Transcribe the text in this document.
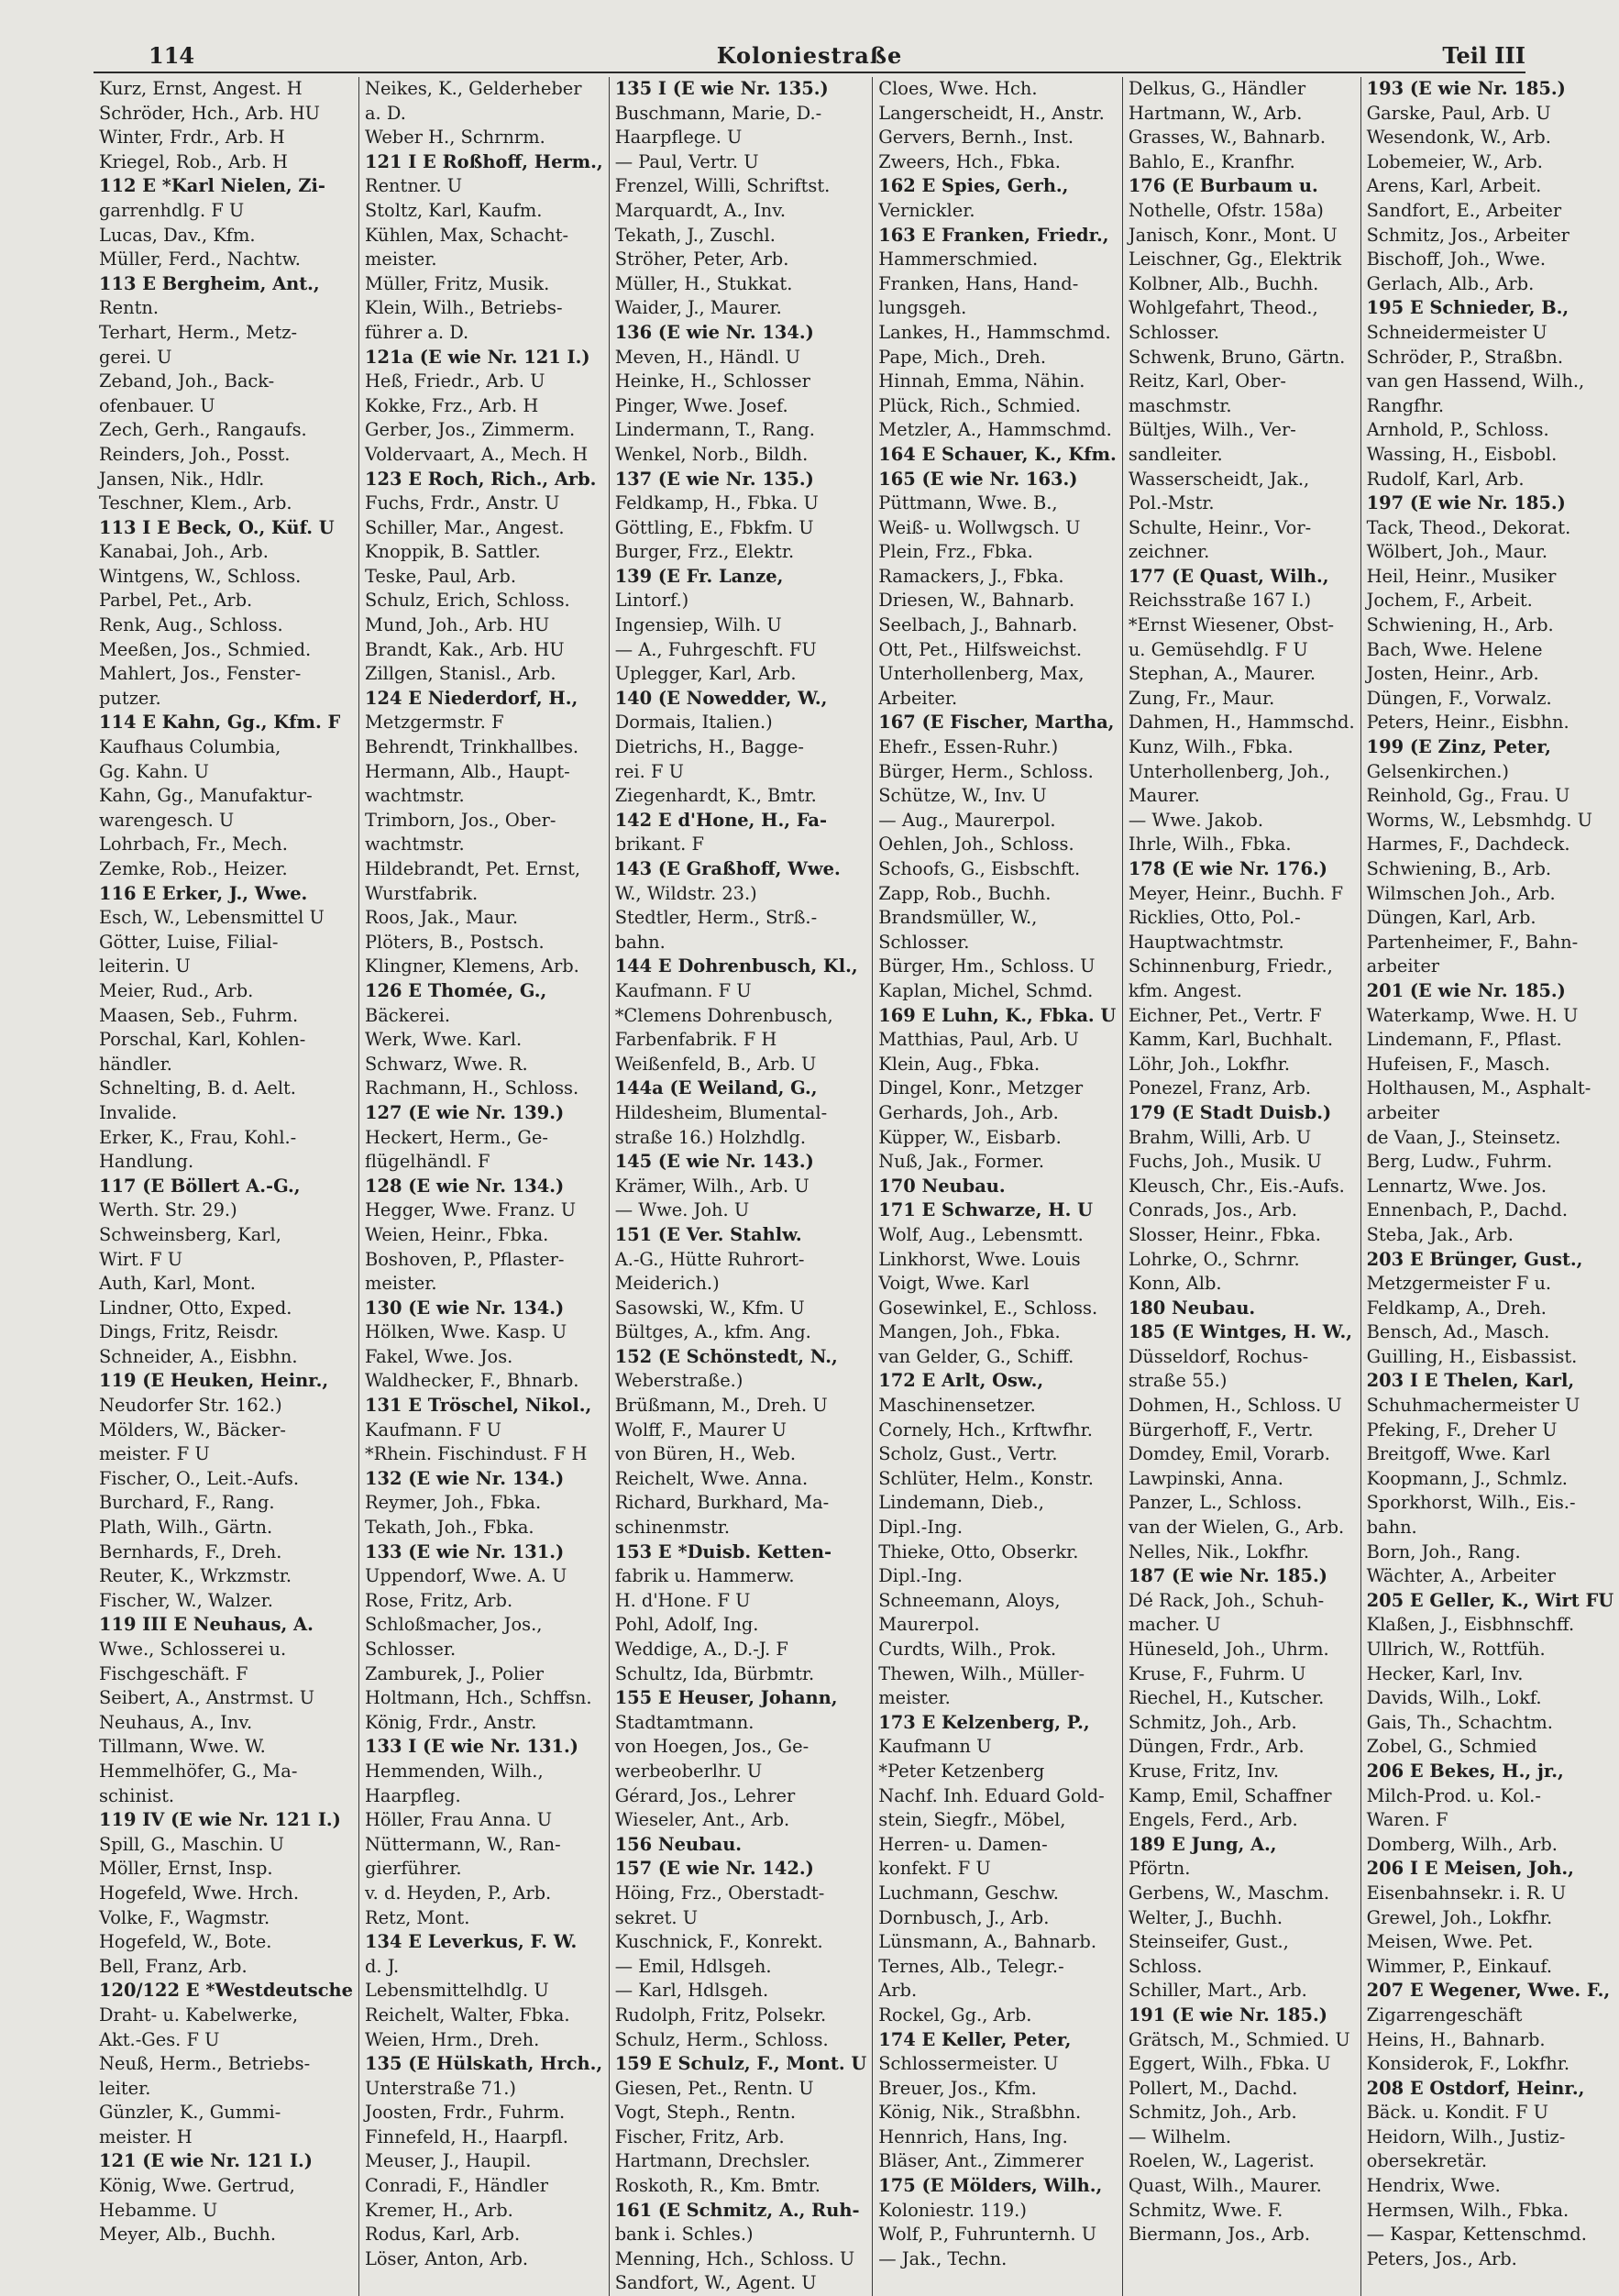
114	Koloniestraße	Teil III
Kurz, Ernst, Angest. H
Schröder, Hch., Arb. HU
Winter, Frdr., Arb. H
Kriegel, Rob., Arb. H
112 E *Karl Nielen, Zi-
garrenhdlg. F U
Lucas, Dav., Kfm.
Müller, Ferd., Nachtw.
113 E Bergheim, Ant.,
Rentn.
Terhart, Herm., Metz-
gerei. U
Zeband, Joh., Back-
ofenbauer. U
Zech, Gerh., Rangaufs.
Reinders, Joh., Posst.
Jansen, Nik., Hdlr.
Teschner, Klem., Arb.
113 I E Beck, O., Küf. U
Kanabai, Joh., Arb.
Wintgens, W., Schloss.
Parbel, Pet., Arb.
Renk, Aug., Schloss.
Meeßen, Jos., Schmied.
Mahlert, Jos., Fenster-
putzer.
114 E Kahn, Gg., Kfm. F
Kaufhaus Columbia,
Gg. Kahn. U
Kahn, Gg., Manufaktur-
warengesch. U
Lohrbach, Fr., Mech.
Zemke, Rob., Heizer.
116 E Erker, J., Wwe.
Esch, W., Lebensmittel U
Götter, Luise, Filial-
leiterin. U
Meier, Rud., Arb.
Maasen, Seb., Fuhrm.
Porschal, Karl, Kohlen-
händler.
Schnelting, B. d. Aelt.
Invalide.
Erker, K., Frau, Kohl.-
Handlung.
117 (E Böllert A.-G.,
Werth. Str. 29.)
Schweinsberg, Karl,
Wirt. F U
Auth, Karl, Mont.
Lindner, Otto, Exped.
Dings, Fritz, Reisdr.
Schneider, A., Eisbhn.
119 (E Heuken, Heinr.,
Neudorfer Str. 162.)
Mölders, W., Bäcker-
meister. F U
Fischer, O., Leit.-Aufs.
Burchard, F., Rang.
Plath, Wilh., Gärtn.
Bernhards, F., Dreh.
Reuter, K., Wrkzmstr.
Fischer, W., Walzer.
119 III E Neuhaus, A.
Wwe., Schlosserei u.
Fischgeschäft. F
Seibert, A., Anstrmst. U
Neuhaus, A., Inv.
Tillmann, Wwe. W.
Hemmelhöfer, G., Ma-
schinist.
119 IV (E wie Nr. 121 I.)
Spill, G., Maschin. U
Möller, Ernst, Insp.
Hogefeld, Wwe. Hrch.
Volke, F., Wagmstr.
Hogefeld, W., Bote.
Bell, Franz, Arb.
120/122 E *Westdeutsche
Draht- u. Kabelwerke,
Akt.-Ges. F U
Neuß, Herm., Betriebs-
leiter.
Günzler, K., Gummi-
meister. H
121 (E wie Nr. 121 I.)
König, Wwe. Gertrud,
Hebamme. U
Meyer, Alb., Buchh.
Neikes, K., Gelderheber
a. D.
Weber H., Schrnrm.
121 I E Roßhoff, Herm.,
Rentner. U
Stoltz, Karl, Kaufm.
Kühlen, Max, Schacht-
meister.
Müller, Fritz, Musik.
Klein, Wilh., Betriebs-
führer a. D.
121a (E wie Nr. 121 I.)
Heß, Friedr., Arb. U
Kokke, Frz., Arb. H
Gerber, Jos., Zimmerm.
Voldervaart, A., Mech. H
123 E Roch, Rich., Arb.
Fuchs, Frdr., Anstr. U
Schiller, Mar., Angest.
Knoppik, B. Sattler.
Teske, Paul, Arb.
Schulz, Erich, Schloss.
Mund, Joh., Arb. HU
Brandt, Kak., Arb. HU
Zillgen, Stanisl., Arb.
124 E Niederdorf, H.,
Metzgermstr. F
Behrendt, Trinkhallbes.
Hermann, Alb., Haupt-
wachtmstr.
Trimborn, Jos., Ober-
wachtmstr.
Hildebrandt, Pet. Ernst,
Wurstfabrik.
Roos, Jak., Maur.
Plöters, B., Postsch.
Klingner, Klemens, Arb.
126 E Thomée, G.,
Bäckerei.
Werk, Wwe. Karl.
Schwarz, Wwe. R.
Rachmann, H., Schloss.
127 (E wie Nr. 139.)
Heckert, Herm., Ge-
flügelhändl. F
128 (E wie Nr. 134.)
Hegger, Wwe. Franz. U
Weien, Heinr., Fbka.
Boshoven, P., Pflaster-
meister.
130 (E wie Nr. 134.)
Hölken, Wwe. Kasp. U
Fakel, Wwe. Jos.
Waldhecker, F., Bhnarb.
131 E Tröschel, Nikol.,
Kaufmann. F U
*Rhein. Fischindust. F H
132 (E wie Nr. 134.)
Reymer, Joh., Fbka.
Tekath, Joh., Fbka.
133 (E wie Nr. 131.)
Uppendorf, Wwe. A. U
Rose, Fritz, Arb.
Schloßmacher, Jos.,
Schlosser.
Zamburek, J., Polier
Holtmann, Hch., Schffsn.
König, Frdr., Anstr.
133 I (E wie Nr. 131.)
Hemmenden, Wilh.,
Haarpfleg.
Höller, Frau Anna. U
Nüttermann, W., Ran-
gierführer.
v. d. Heyden, P., Arb.
Retz, Mont.
134 E Leverkus, F. W.
d. J.
Lebensmittelhdlg. U
Reichelt, Walter, Fbka.
Weien, Hrm., Dreh.
135 (E Hülskath, Hrch.,
Unterstraße 71.)
Joosten, Frdr., Fuhrm.
Finnefeld, H., Haarpfl.
Meuser, J., Haupil.
Conradi, F., Händler
Kremer, H., Arb.
Rodus, Karl, Arb.
Löser, Anton, Arb.
135 I (E wie Nr. 135.)
Buschmann, Marie, D.-
Haarpflege. U
— Paul, Vertr. U
Frenzel, Willi, Schriftst.
Marquardt, A., Inv.
Tekath, J., Zuschl.
Ströher, Peter, Arb.
Müller, H., Stukkat.
Waider, J., Maurer.
136 (E wie Nr. 134.)
Meven, H., Händl. U
Heinke, H., Schlosser
Pinger, Wwe. Josef.
Lindermann, T., Rang.
Wenkel, Norb., Bildh.
137 (E wie Nr. 135.)
Feldkamp, H., Fbka. U
Göttling, E., Fbkfm. U
Burger, Frz., Elektr.
139 (E Fr. Lanze,
Lintorf.)
Ingensiep, Wilh. U
— A., Fuhrgeschft. FU
Uplegger, Karl, Arb.
140 (E Nowedder, W.,
Dormais, Italien.)
Dietrichs, H., Bagge-
rei. F U
Ziegenhardt, K., Bmtr.
142 E d'Hone, H., Fa-
brikant. F
143 (E Graßhoff, Wwe.
W., Wildstr. 23.)
Stedtler, Herm., Strß.-
bahn.
144 E Dohrenbusch, Kl.,
Kaufmann. F U
*Clemens Dohrenbusch,
Farbenfabrik. F H
Weißenfeld, B., Arb. U
144a (E Weiland, G.,
Hildesheim, Blumental-
straße 16.) Holzhdlg.
145 (E wie Nr. 143.)
Krämer, Wilh., Arb. U
— Wwe. Joh. U
151 (E Ver. Stahlw.
A.-G., Hütte Ruhrort-
Meiderich.)
Sasowski, W., Kfm. U
Bültges, A., kfm. Ang.
152 (E Schönstedt, N.,
Weberstraße.)
Brüßmann, M., Dreh. U
Wolff, F., Maurer U
von Büren, H., Web.
Reichelt, Wwe. Anna.
Richard, Burkhard, Ma-
schinenmstr.
153 E *Duisb. Ketten-
fabrik u. Hammerw.
H. d'Hone. F U
Pohl, Adolf, Ing.
Weddige, A., D.-J. F
Schultz, Ida, Bürbmtr.
155 E Heuser, Johann,
Stadtamtmann.
von Hoegen, Jos., Ge-
werbeoberlhr. U
Gérard, Jos., Lehrer
Wieseler, Ant., Arb.
156 Neubau.
157 (E wie Nr. 142.)
Höing, Frz., Oberstadt-
sekret. U
Kuschnick, F., Konrekt.
— Emil, Hdlsgeh.
— Karl, Hdlsgeh.
Rudolph, Fritz, Polsekr.
Schulz, Herm., Schloss.
159 E Schulz, F., Mont. U
Giesen, Pet., Rentn. U
Vogt, Steph., Rentn.
Fischer, Fritz, Arb.
Hartmann, Drechsler.
Roskoth, R., Km. Bmtr.
161 (E Schmitz, A., Ruh-
bank i. Schles.)
Menning, Hch., Schloss. U
Sandfort, W., Agent. U
Cloes, Wwe. Hch.
Langerscheidt, H., Anstr.
Gervers, Bernh., Inst.
Zweers, Hch., Fbka.
162 E Spies, Gerh.,
Vernickler.
163 E Franken, Friedr.,
Hammerschmied.
Franken, Hans, Hand-
lungsgeh.
Lankes, H., Hammschmd.
Pape, Mich., Dreh.
Hinnah, Emma, Nähin.
Plück, Rich., Schmied.
Metzler, A., Hammschmd.
164 E Schauer, K., Kfm.
165 (E wie Nr. 163.)
Püttmann, Wwe. B.,
Weiß- u. Wollwgsch. U
Plein, Frz., Fbka.
Ramackers, J., Fbka.
Driesen, W., Bahnarb.
Seelbach, J., Bahnarb.
Ott, Pet., Hilfsweichst.
Unterhollenberg, Max,
Arbeiter.
167 (E Fischer, Martha,
Ehefr., Essen-Ruhr.)
Bürger, Herm., Schloss.
Schütze, W., Inv. U
— Aug., Maurerpol.
Oehlen, Joh., Schloss.
Schoofs, G., Eisbschft.
Zapp, Rob., Buchh.
Brandsmüller, W.,
Schlosser.
Bürger, Hm., Schloss. U
Kaplan, Michel, Schmd.
169 E Luhn, K., Fbka. U
Matthias, Paul, Arb. U
Klein, Aug., Fbka.
Dingel, Konr., Metzger
Gerhards, Joh., Arb.
Küpper, W., Eisbarb.
Nuß, Jak., Former.
170 Neubau.
171 E Schwarze, H. U
Wolf, Aug., Lebensmtt.
Linkhorst, Wwe. Louis
Voigt, Wwe. Karl
Gosewinkel, E., Schloss.
Mangen, Joh., Fbka.
van Gelder, G., Schiff.
172 E Arlt, Osw.,
Maschinensetzer.
Cornely, Hch., Krftwfhr.
Scholz, Gust., Vertr.
Schlüter, Helm., Konstr.
Lindemann, Dieb.,
Dipl.-Ing.
Thieke, Otto, Obserkr.
Dipl.-Ing.
Schneemann, Aloys,
Maurerpol.
Curdts, Wilh., Prok.
Thewen, Wilh., Müller-
meister.
173 E Kelzenberg, P.,
Kaufmann U
*Peter Ketzenberg
Nachf. Inh. Eduard Gold-
stein, Siegfr., Möbel,
Herren- u. Damen-
konfekt. F U
Luchmann, Geschw.
Dornbusch, J., Arb.
Lünsmann, A., Bahnarb.
Ternes, Alb., Telegr.-
Arb.
Rockel, Gg., Arb.
174 E Keller, Peter,
Schlossermeister. U
Breuer, Jos., Kfm.
König, Nik., Straßbhn.
Hennrich, Hans, Ing.
Bläser, Ant., Zimmerer
175 (E Mölders, Wilh.,
Koloniestr. 119.)
Wolf, P., Fuhrunternh. U
— Jak., Techn.
Delkus, G., Händler
Hartmann, W., Arb.
Grasses, W., Bahnarb.
Bahlo, E., Kranfhr.
176 (E Burbaum u.
Nothelle, Ofstr. 158a)
Janisch, Konr., Mont. U
Leischner, Gg., Elektrik
Kolbner, Alb., Buchh.
Wohlgefahrt, Theod.,
Schlosser.
Schwenk, Bruno, Gärtn.
Reitz, Karl, Ober-
maschmstr.
Bültjes, Wilh., Ver-
sandleiter.
Wasserscheidt, Jak.,
Pol.-Mstr.
Schulte, Heinr., Vor-
zeichner.
177 (E Quast, Wilh.,
Reichsstraße 167 I.)
*Ernst Wiesener, Obst-
u. Gemüsehdlg. F U
Stephan, A., Maurer.
Zung, Fr., Maur.
Dahmen, H., Hammschd.
Kunz, Wilh., Fbka.
Unterhollenberg, Joh.,
Maurer.
— Wwe. Jakob.
Ihrle, Wilh., Fbka.
178 (E wie Nr. 176.)
Meyer, Heinr., Buchh. F
Ricklies, Otto, Pol.-
Hauptwachtmstr.
Schinnenburg, Friedr.,
kfm. Angest.
Eichner, Pet., Vertr. F
Kamm, Karl, Buchhalt.
Löhr, Joh., Lokfhr.
Ponezel, Franz, Arb.
179 (E Stadt Duisb.)
Brahm, Willi, Arb. U
Fuchs, Joh., Musik. U
Kleusch, Chr., Eis.-Aufs.
Conrads, Jos., Arb.
Slosser, Heinr., Fbka.
Lohrke, O., Schrnr.
Konn, Alb.
180 Neubau.
185 (E Wintges, H. W.,
Düsseldorf, Rochus-
straße 55.)
Dohmen, H., Schloss. U
Bürgerhoff, F., Vertr.
Domdey, Emil, Vorarb.
Lawpinski, Anna.
Panzer, L., Schloss.
van der Wielen, G., Arb.
Nelles, Nik., Lokfhr.
187 (E wie Nr. 185.)
Dé Rack, Joh., Schuh-
macher. U
Hüneseld, Joh., Uhrm.
Kruse, F., Fuhrm. U
Riechel, H., Kutscher.
Schmitz, Joh., Arb.
Düngen, Frdr., Arb.
Kruse, Fritz, Inv.
Kamp, Emil, Schaffner
Engels, Ferd., Arb.
189 E Jung, A.,
Pförtn.
Gerbens, W., Maschm.
Welter, J., Buchh.
Steinseifer, Gust.,
Schloss.
Schiller, Mart., Arb.
191 (E wie Nr. 185.)
Grätsch, M., Schmied. U
Eggert, Wilh., Fbka. U
Pollert, M., Dachd.
Schmitz, Joh., Arb.
— Wilhelm.
Roelen, W., Lagerist.
Quast, Wilh., Maurer.
Schmitz, Wwe. F.
Biermann, Jos., Arb.
193 (E wie Nr. 185.)
Garske, Paul, Arb. U
Wesendonk, W., Arb.
Lobemeier, W., Arb.
Arens, Karl, Arbeit.
Sandfort, E., Arbeiter
Schmitz, Jos., Arbeiter
Bischoff, Joh., Wwe.
Gerlach, Alb., Arb.
195 E Schnieder, B.,
Schneidermeister U
Schröder, P., Straßbn.
van gen Hassend, Wilh.,
Rangfhr.
Arnhold, P., Schloss.
Wassing, H., Eisbobl.
Rudolf, Karl, Arb.
197 (E wie Nr. 185.)
Tack, Theod., Dekorat.
Wölbert, Joh., Maur.
Heil, Heinr., Musiker
Jochem, F., Arbeit.
Schwiening, H., Arb.
Bach, Wwe. Helene
Josten, Heinr., Arb.
Düngen, F., Vorwalz.
Peters, Heinr., Eisbhn.
199 (E Zinz, Peter,
Gelsenkirchen.)
Reinhold, Gg., Frau. U
Worms, W., Lebsmhdg. U
Harmes, F., Dachdeck.
Schwiening, B., Arb.
Wilmschen Joh., Arb.
Düngen, Karl, Arb.
Partenheimer, F., Bahn-
arbeiter
201 (E wie Nr. 185.)
Waterkamp, Wwe. H. U
Lindemann, F., Pflast.
Hufeisen, F., Masch.
Holthausen, M., Asphalt-
arbeiter
de Vaan, J., Steinsetz.
Berg, Ludw., Fuhrm.
Lennartz, Wwe. Jos.
Ennenbach, P., Dachd.
Steba, Jak., Arb.
203 E Brünger, Gust.,
Metzgermeister F u.
Feldkamp, A., Dreh.
Bensch, Ad., Masch.
Guilling, H., Eisbassist.
203 I E Thelen, Karl,
Schuhmachermeister U
Pfeking, F., Dreher U
Breitgoff, Wwe. Karl
Koopmann, J., Schmlz.
Sporkhorst, Wilh., Eis.-
bahn.
Born, Joh., Rang.
Wächter, A., Arbeiter
205 E Geller, K., Wirt FU
Klaßen, J., Eisbhnschff.
Ullrich, W., Rottfüh.
Hecker, Karl, Inv.
Davids, Wilh., Lokf.
Gais, Th., Schachtm.
Zobel, G., Schmied
206 E Bekes, H., jr.,
Milch-Prod. u. Kol.-
Waren. F
Domberg, Wilh., Arb.
206 I E Meisen, Joh.,
Eisenbahnsekr. i. R. U
Grewel, Joh., Lokfhr.
Meisen, Wwe. Pet.
Wimmer, P., Einkauf.
207 E Wegener, Wwe. F.,
Zigarrengeschäft
Heins, H., Bahnarb.
Konsiderok, F., Lokfhr.
208 E Ostdorf, Heinr.,
Bäck. u. Kondit. F U
Heidorn, Wilh., Justiz-
obersekretär.
Hendrix, Wwe.
Hermsen, Wilh., Fbka.
— Kaspar, Kettenschmd.
Peters, Jos., Arb.
